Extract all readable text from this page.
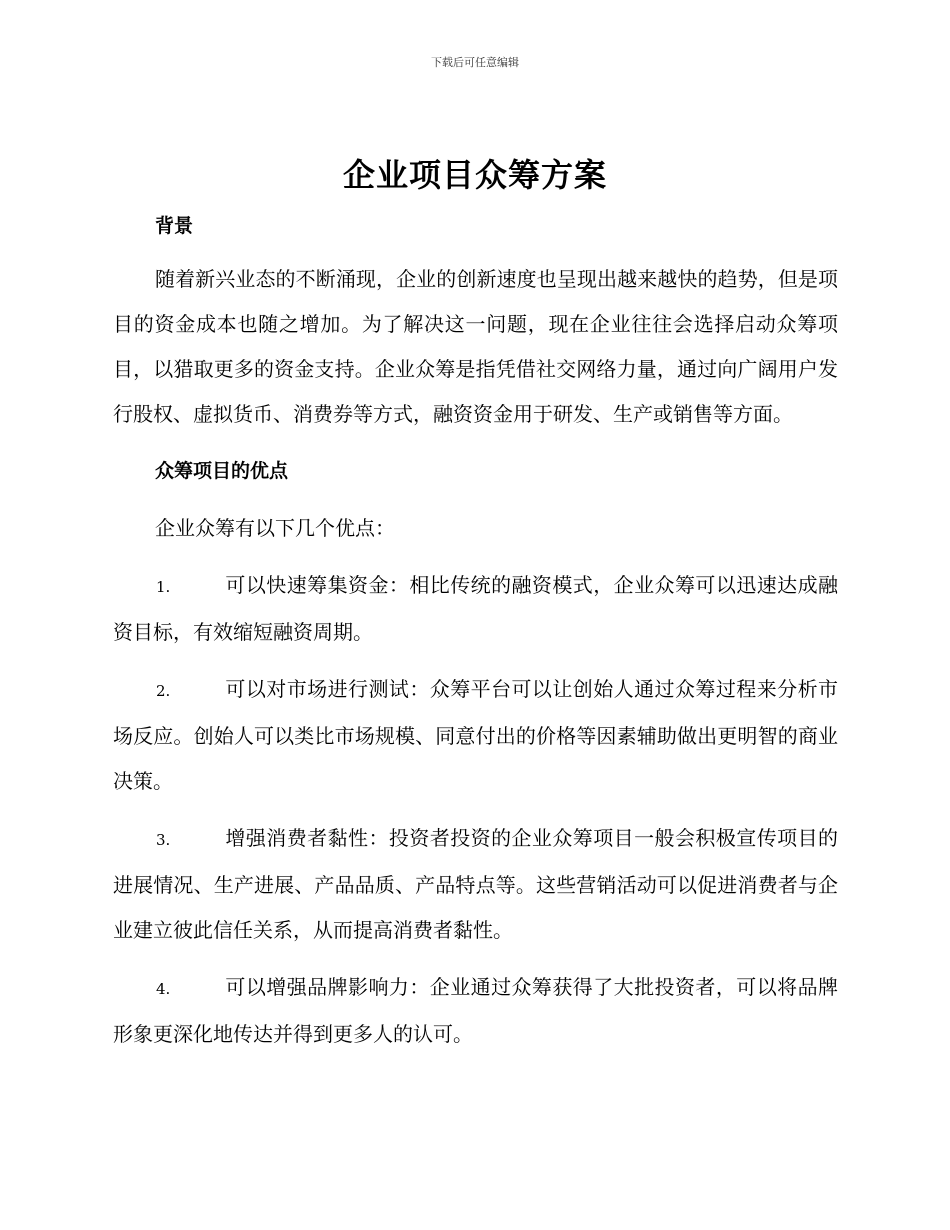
下载后可任意编辑
企业项目众筹方案

背景

随着新兴业态的不断涌现，企业的创新速度也呈现出越来越快的趋势，但是项目的资金成本也随之增加。为了解决这一问题，现在企业往往会选择启动众筹项目，以猎取更多的资金支持。企业众筹是指凭借社交网络力量，通过向广阔用户发行股权、虚拟货币、消费券等方式，融资资金用于研发、生产或销售等方面。

众筹项目的优点

企业众筹有以下几个优点：

1.	可以快速筹集资金：相比传统的融资模式，企业众筹可以迅速达成融资目标，有效缩短融资周期。

2.	可以对市场进行测试：众筹平台可以让创始人通过众筹过程来分析市场反应。创始人可以类比市场规模、同意付出的价格等因素辅助做出更明智的商业决策。

3.	增强消费者黏性：投资者投资的企业众筹项目一般会积极宣传项目的进展情况、生产进展、产品品质、产品特点等。这些营销活动可以促进消费者与企业建立彼此信任关系，从而提高消费者黏性。

4.	可以增强品牌影响力：企业通过众筹获得了大批投资者，可以将品牌形象更深化地传达并得到更多人的认可。
